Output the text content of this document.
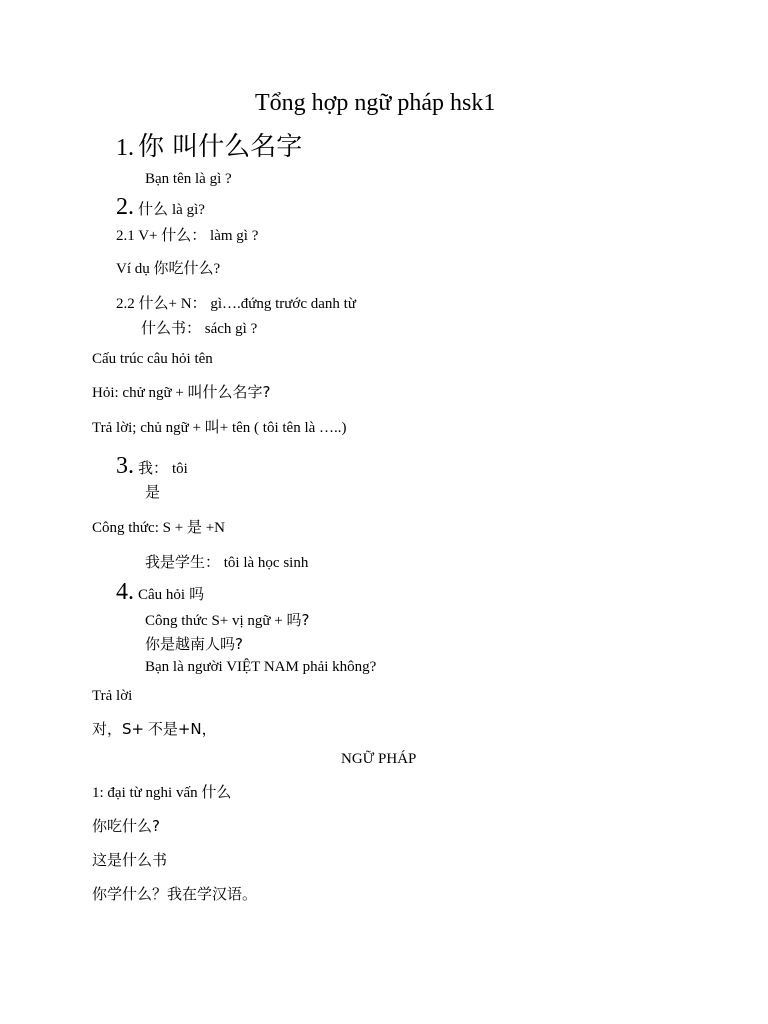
Tổng hợp ngữ pháp hsk1
1. 你 叫什么名字
Bạn tên là gì ?
2. 什么 là gì?
2.1 V+ 什么： làm gì ?
Ví dụ 你吃什么?
2.2 什么+ N： gì….đứng trước danh từ
什么书： sách gì ?
Cấu trúc câu hỏi tên
Hỏi: chử ngữ + 叫什么名字?
Trả lời; chủ ngữ + 叫+ tên ( tôi tên là …..)
3. 我： tôi
是
Công thức: S + 是 +N
我是学生： tôi là học sinh
4. Câu hỏi 吗
Công thức S+ vị ngữ + 吗?
你是越南人吗?
Bạn là người VIỆT NAM phải không?
Trả lời
对，S+ 不是+N，
NGỮ PHÁP
1: đại từ nghi vấn 什么
你吃什么?
这是什么书
你学什么？我在学汉语。
